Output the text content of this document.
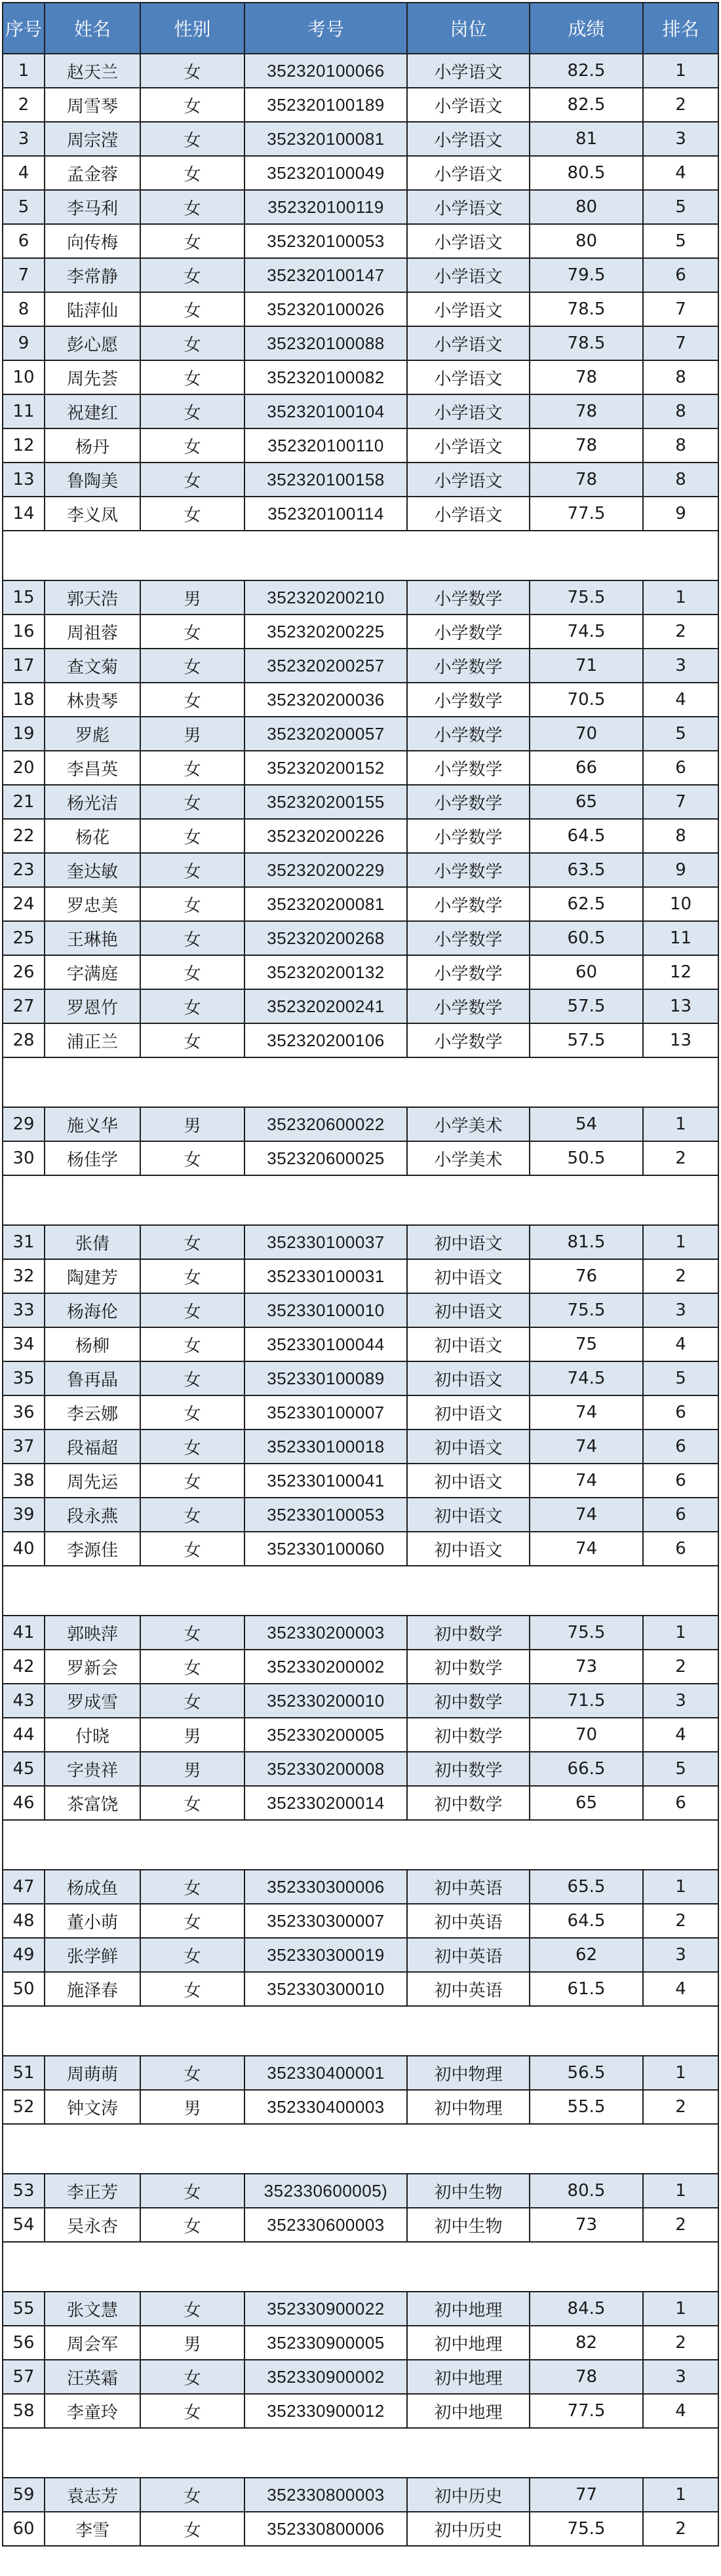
序号	姓名	性别	考号	岗位	成绩	排名
1	赵天兰	女	352320100066	小学语文	82.5	1
2	周雪琴	女	352320100189	小学语文	82.5	2
3	周宗滢	女	352320100081	小学语文	81	3
4	孟金蓉	女	352320100049	小学语文	80.5	4
5	李马利	女	352320100119	小学语文	80	5
6	向传梅	女	352320100053	小学语文	80	5
7	李常静	女	352320100147	小学语文	79.5	6
8	陆萍仙	女	352320100026	小学语文	78.5	7
9	彭心愿	女	352320100088	小学语文	78.5	7
10	周先荟	女	352320100082	小学语文	78	8
11	祝建红	女	352320100104	小学语文	78	8
12	杨丹	女	352320100110	小学语文	78	8
13	鲁陶美	女	352320100158	小学语文	78	8
14	李义凤	女	352320100114	小学语文	77.5	9

15	郭天浩	男	352320200210	小学数学	75.5	1
16	周祖蓉	女	352320200225	小学数学	74.5	2
17	查文菊	女	352320200257	小学数学	71	3
18	林贵琴	女	352320200036	小学数学	70.5	4
19	罗彪	男	352320200057	小学数学	70	5
20	李昌英	女	352320200152	小学数学	66	6
21	杨光洁	女	352320200155	小学数学	65	7
22	杨花	女	352320200226	小学数学	64.5	8
23	奎达敏	女	352320200229	小学数学	63.5	9
24	罗忠美	女	352320200081	小学数学	62.5	10
25	王琳艳	女	352320200268	小学数学	60.5	11
26	字满庭	女	352320200132	小学数学	60	12
27	罗恩竹	女	352320200241	小学数学	57.5	13
28	浦正兰	女	352320200106	小学数学	57.5	13

29	施义华	男	352320600022	小学美术	54	1
30	杨佳学	女	352320600025	小学美术	50.5	2

31	张倩	女	352330100037	初中语文	81.5	1
32	陶建芳	女	352330100031	初中语文	76	2
33	杨海伦	女	352330100010	初中语文	75.5	3
34	杨柳	女	352330100044	初中语文	75	4
35	鲁再晶	女	352330100089	初中语文	74.5	5
36	李云娜	女	352330100007	初中语文	74	6
37	段福超	女	352330100018	初中语文	74	6
38	周先运	女	352330100041	初中语文	74	6
39	段永燕	女	352330100053	初中语文	74	6
40	李源佳	女	352330100060	初中语文	74	6

41	郭映萍	女	352330200003	初中数学	75.5	1
42	罗新会	女	352330200002	初中数学	73	2
43	罗成雪	女	352330200010	初中数学	71.5	3
44	付晓	男	352330200005	初中数学	70	4
45	字贵祥	男	352330200008	初中数学	66.5	5
46	茶富饶	女	352330200014	初中数学	65	6

47	杨成鱼	女	352330300006	初中英语	65.5	1
48	董小萌	女	352330300007	初中英语	64.5	2
49	张学鲜	女	352330300019	初中英语	62	3
50	施泽春	女	352330300010	初中英语	61.5	4

51	周萌萌	女	352330400001	初中物理	56.5	1
52	钟文涛	男	352330400003	初中物理	55.5	2

53	李正芳	女	352330600005)	初中生物	80.5	1
54	吴永杏	女	352330600003	初中生物	73	2

55	张文慧	女	352330900022	初中地理	84.5	1
56	周会军	男	352330900005	初中地理	82	2
57	汪英霜	女	352330900002	初中地理	78	3
58	李童玲	女	352330900012	初中地理	77.5	4

59	袁志芳	女	352330800003	初中历史	77	1
60	李雪	女	352330800006	初中历史	75.5	2
